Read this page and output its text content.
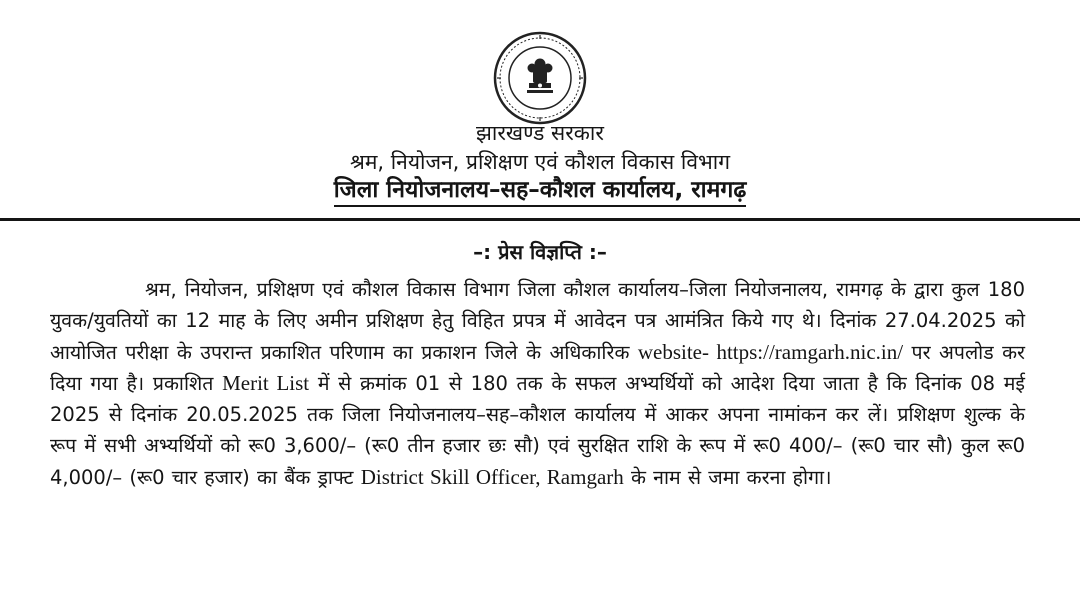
झारखण्ड सरकार
श्रम, नियोजन, प्रशिक्षण एवं कौशल विकास विभाग
जिला नियोजनालय–सह–कौशल कार्यालय, रामगढ़
–: प्रेस विज्ञप्ति :–
श्रम, नियोजन, प्रशिक्षण एवं कौशल विकास विभाग जिला कौशल कार्यालय–जिला नियोजनालय, रामगढ़ के द्वारा कुल 180 युवक/युवतियों का 12 माह के लिए अमीन प्रशिक्षण हेतु विहित प्रपत्र में आवेदन पत्र आमंत्रित किये गए थे। दिनांक 27.04.2025 को आयोजित परीक्षा के उपरान्त प्रकाशित परिणाम का प्रकाशन जिले के अधिकारिक website- https://ramgarh.nic.in/ पर अपलोड कर दिया गया है। प्रकाशित Merit List में से क्रमांक 01 से 180 तक के सफल अभ्यर्थियों को आदेश दिया जाता है कि दिनांक 08 मई 2025 से दिनांक 20.05.2025 तक जिला नियोजनालय–सह–कौशल कार्यालय में आकर अपना नामांकन कर लें। प्रशिक्षण शुल्क के रूप में सभी अभ्यर्थियों को रू0 3,600/– (रू0 तीन हजार छः सौ) एवं सुरक्षित राशि के रूप में रू0 400/– (रू0 चार सौ) कुल रू0 4,000/– (रू0 चार हजार) का बैंक ड्राफ्ट District Skill Officer, Ramgarh के नाम से जमा करना होगा।
